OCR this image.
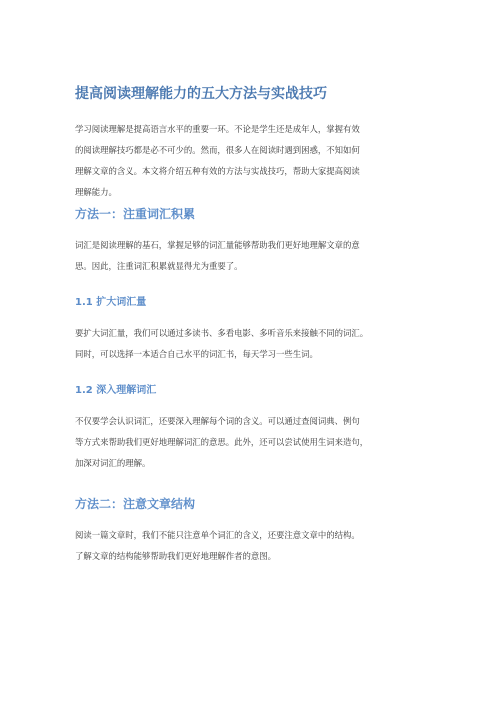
提高阅读理解能力的五大方法与实战技巧
学习阅读理解是提高语言水平的重要一环。不论是学生还是成年人，掌握有效
的阅读理解技巧都是必不可少的。然而，很多人在阅读时遇到困惑，不知如何
理解文章的含义。本文将介绍五种有效的方法与实战技巧，帮助大家提高阅读
理解能力。
方法一：注重词汇积累
词汇是阅读理解的基石，掌握足够的词汇量能够帮助我们更好地理解文章的意
思。因此，注重词汇积累就显得尤为重要了。
1.1 扩大词汇量
要扩大词汇量，我们可以通过多读书、多看电影、多听音乐来接触不同的词汇。
同时，可以选择一本适合自己水平的词汇书，每天学习一些生词。
1.2 深入理解词汇
不仅要学会认识词汇，还要深入理解每个词的含义。可以通过查阅词典、例句
等方式来帮助我们更好地理解词汇的意思。此外，还可以尝试使用生词来造句，
加深对词汇的理解。
方法二：注意文章结构
阅读一篇文章时，我们不能只注意单个词汇的含义，还要注意文章中的结构。
了解文章的结构能够帮助我们更好地理解作者的意图。
